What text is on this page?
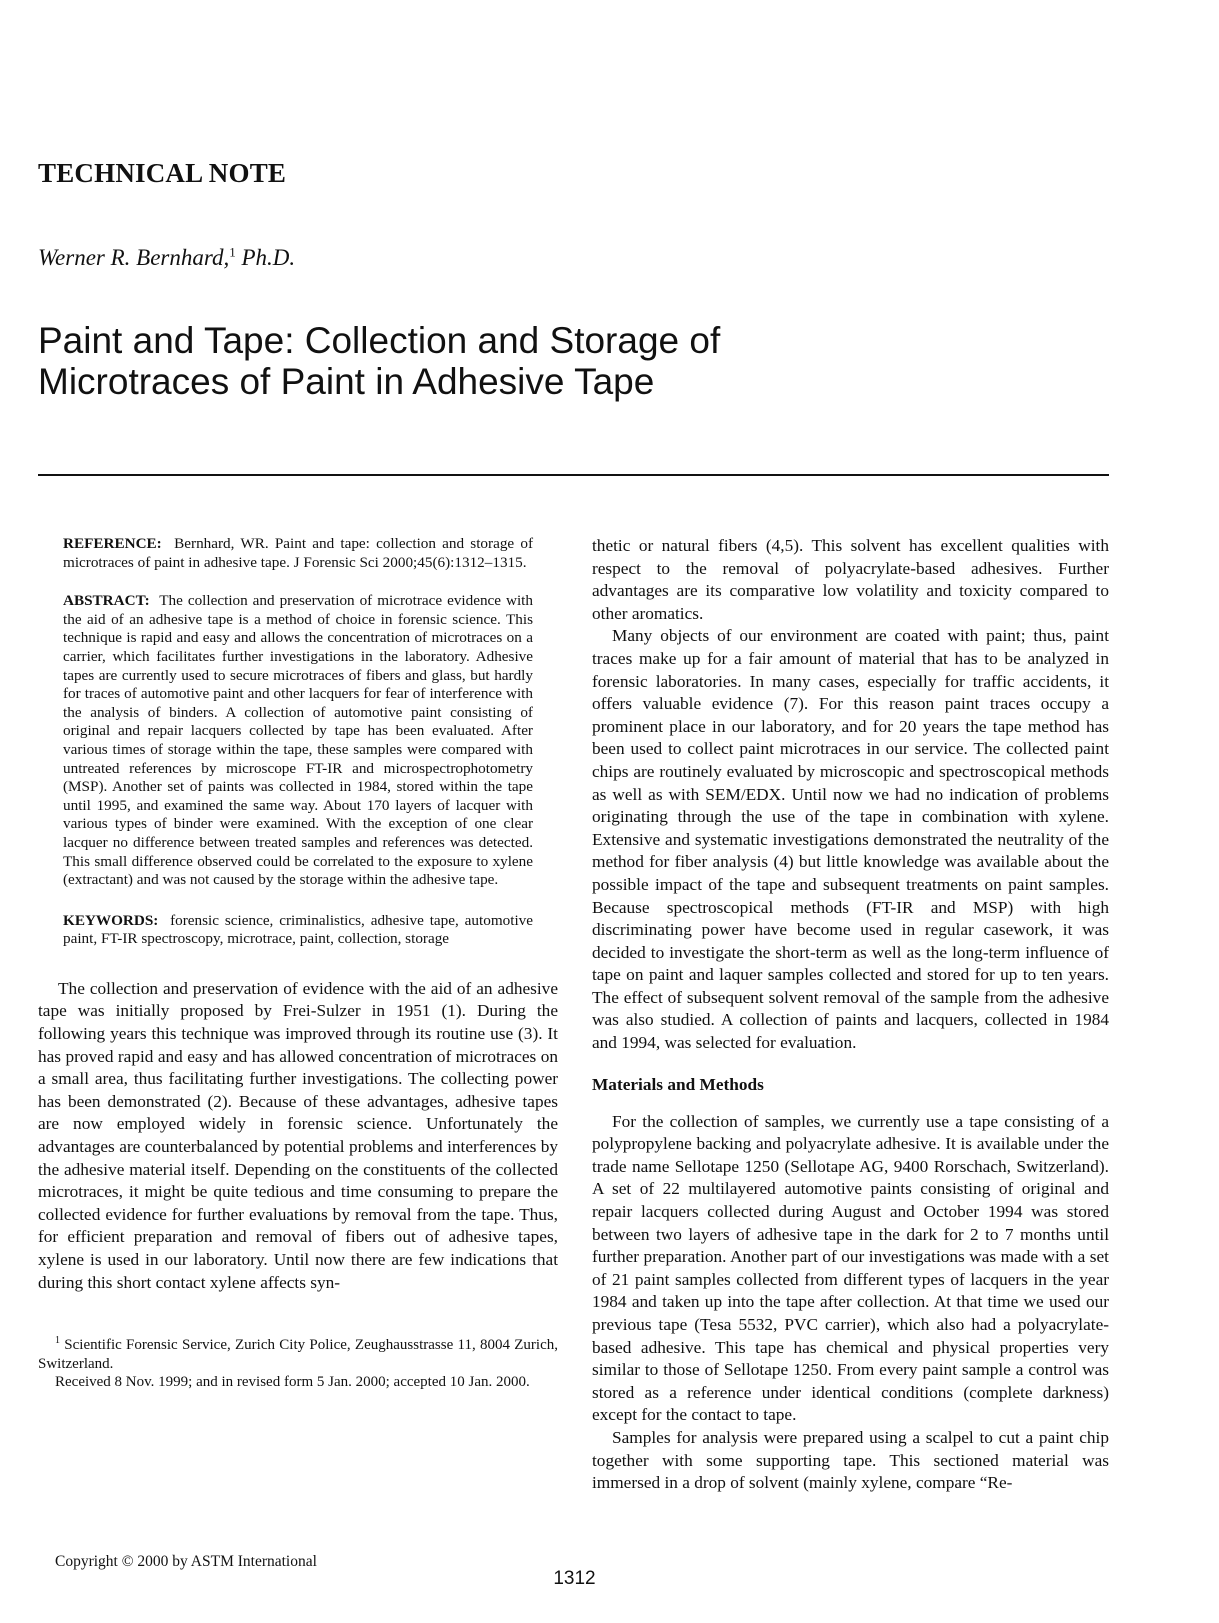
TECHNICAL NOTE
Werner R. Bernhard,$^1$ Ph.D.
Paint and Tape: Collection and Storage of
Microtraces of Paint in Adhesive Tape
REFERENCE: Bernhard, WR. Paint and tape: collection and storage of microtraces of paint in adhesive tape. J Forensic Sci 2000;45(6):1312–1315.
ABSTRACT: The collection and preservation of microtrace evidence with the aid of an adhesive tape is a method of choice in forensic science. This technique is rapid and easy and allows the concentration of microtraces on a carrier, which facilitates further investigations in the laboratory. Adhesive tapes are currently used to secure microtraces of fibers and glass, but hardly for traces of automotive paint and other lacquers for fear of interference with the analysis of binders. A collection of automotive paint consisting of original and repair lacquers collected by tape has been evaluated. After various times of storage within the tape, these samples were compared with untreated references by microscope FT-IR and microspectrophotometry (MSP). Another set of paints was collected in 1984, stored within the tape until 1995, and examined the same way. About 170 layers of lacquer with various types of binder were examined. With the exception of one clear lacquer no difference between treated samples and references was detected. This small difference observed could be correlated to the exposure to xylene (extractant) and was not caused by the storage within the adhesive tape.
KEYWORDS: forensic science, criminalistics, adhesive tape, automotive paint, FT-IR spectroscopy, microtrace, paint, collection, storage

The collection and preservation of evidence with the aid of an adhesive tape was initially proposed by Frei-Sulzer in 1951 (1). During the following years this technique was improved through its routine use (3). It has proved rapid and easy and has allowed concentration of microtraces on a small area, thus facilitating further investigations. The collecting power has been demonstrated (2). Because of these advantages, adhesive tapes are now employed widely in forensic science. Unfortunately the advantages are counterbalanced by potential problems and interferences by the adhesive material itself. Depending on the constituents of the collected microtraces, it might be quite tedious and time consuming to prepare the collected evidence for further evaluations by removal from the tape. Thus, for efficient preparation and removal of fibers out of adhesive tapes, xylene is used in our laboratory. Until now there are few indications that during this short contact xylene affects syn-

$^1$ Scientific Forensic Service, Zurich City Police, Zeughausstrasse 11, 8004 Zurich, Switzerland.

Received 8 Nov. 1999; and in revised form 5 Jan. 2000; accepted 10 Jan. 2000.

thetic or natural fibers (4,5). This solvent has excellent qualities with respect to the removal of polyacrylate-based adhesives. Further advantages are its comparative low volatility and toxicity compared to other aromatics.

Many objects of our environment are coated with paint; thus, paint traces make up for a fair amount of material that has to be analyzed in forensic laboratories. In many cases, especially for traffic accidents, it offers valuable evidence (7). For this reason paint traces occupy a prominent place in our laboratory, and for 20 years the tape method has been used to collect paint microtraces in our service. The collected paint chips are routinely evaluated by microscopic and spectroscopical methods as well as with SEM/EDX. Until now we had no indication of problems originating through the use of the tape in combination with xylene. Extensive and systematic investigations demonstrated the neutrality of the method for fiber analysis (4) but little knowledge was available about the possible impact of the tape and subsequent treatments on paint samples. Because spectroscopical methods (FT-IR and MSP) with high discriminating power have become used in regular casework, it was decided to investigate the short-term as well as the long-term influence of tape on paint and laquer samples collected and stored for up to ten years. The effect of subsequent solvent removal of the sample from the adhesive was also studied. A collection of paints and lacquers, collected in 1984 and 1994, was selected for evaluation.

Materials and Methods

For the collection of samples, we currently use a tape consisting of a polypropylene backing and polyacrylate adhesive. It is available under the trade name Sellotape 1250 (Sellotape AG, 9400 Rorschach, Switzerland). A set of 22 multilayered automotive paints consisting of original and repair lacquers collected during August and October 1994 was stored between two layers of adhesive tape in the dark for 2 to 7 months until further preparation. Another part of our investigations was made with a set of 21 paint samples collected from different types of lacquers in the year 1984 and taken up into the tape after collection. At that time we used our previous tape (Tesa 5532, PVC carrier), which also had a polyacrylate-based adhesive. This tape has chemical and physical properties very similar to those of Sellotape 1250. From every paint sample a control was stored as a reference under identical conditions (complete darkness) except for the contact to tape.

Samples for analysis were prepared using a scalpel to cut a paint chip together with some supporting tape. This sectioned material was immersed in a drop of solvent (mainly xylene, compare “Re-

Copyright © 2000 by ASTM International
1312
